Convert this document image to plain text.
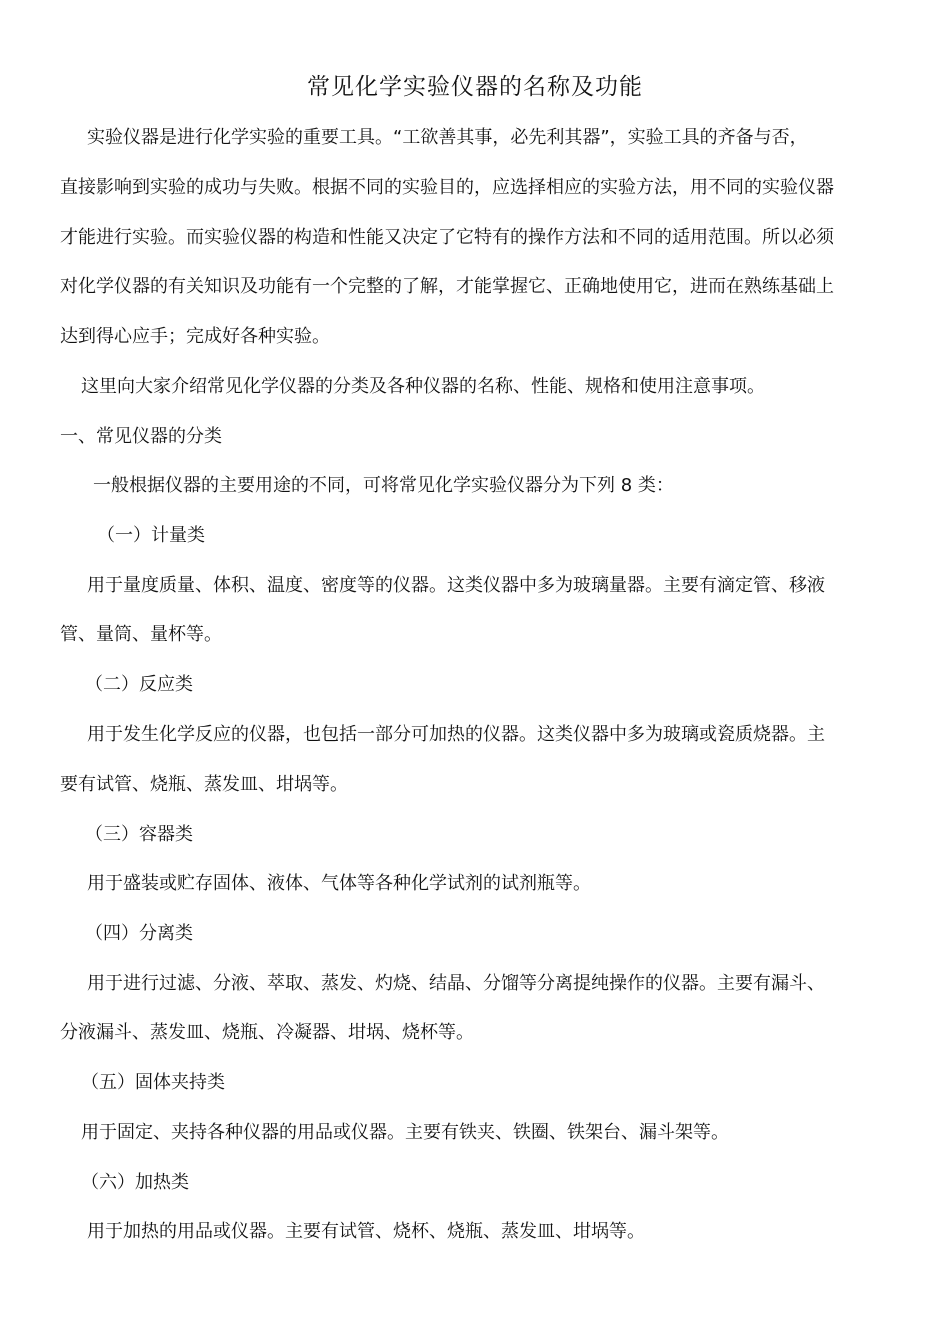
常见化学实验仪器的名称及功能

实验仪器是进行化学实验的重要工具。“工欲善其事，必先利其器”，实验工具的齐备与否，

直接影响到实验的成功与失败。根据不同的实验目的，应选择相应的实验方法，用不同的实验仪器

才能进行实验。而实验仪器的构造和性能又决定了它特有的操作方法和不同的适用范围。所以必须

对化学仪器的有关知识及功能有一个完整的了解，才能掌握它、正确地使用它，进而在熟练基础上

达到得心应手；完成好各种实验。

这里向大家介绍常见化学仪器的分类及各种仪器的名称、性能、规格和使用注意事项。

一、常见仪器的分类

一般根据仪器的主要用途的不同，可将常见化学实验仪器分为下列 8 类：

（一）计量类

用于量度质量、体积、温度、密度等的仪器。这类仪器中多为玻璃量器。主要有滴定管、移液

管、量筒、量杯等。

（二）反应类

用于发生化学反应的仪器，也包括一部分可加热的仪器。这类仪器中多为玻璃或瓷质烧器。主

要有试管、烧瓶、蒸发皿、坩埚等。

（三）容器类

用于盛装或贮存固体、液体、气体等各种化学试剂的试剂瓶等。

（四）分离类

用于进行过滤、分液、萃取、蒸发、灼烧、结晶、分馏等分离提纯操作的仪器。主要有漏斗、

分液漏斗、蒸发皿、烧瓶、冷凝器、坩埚、烧杯等。

（五）固体夹持类

用于固定、夹持各种仪器的用品或仪器。主要有铁夹、铁圈、铁架台、漏斗架等。

（六）加热类

用于加热的用品或仪器。主要有试管、烧杯、烧瓶、蒸发皿、坩埚等。
